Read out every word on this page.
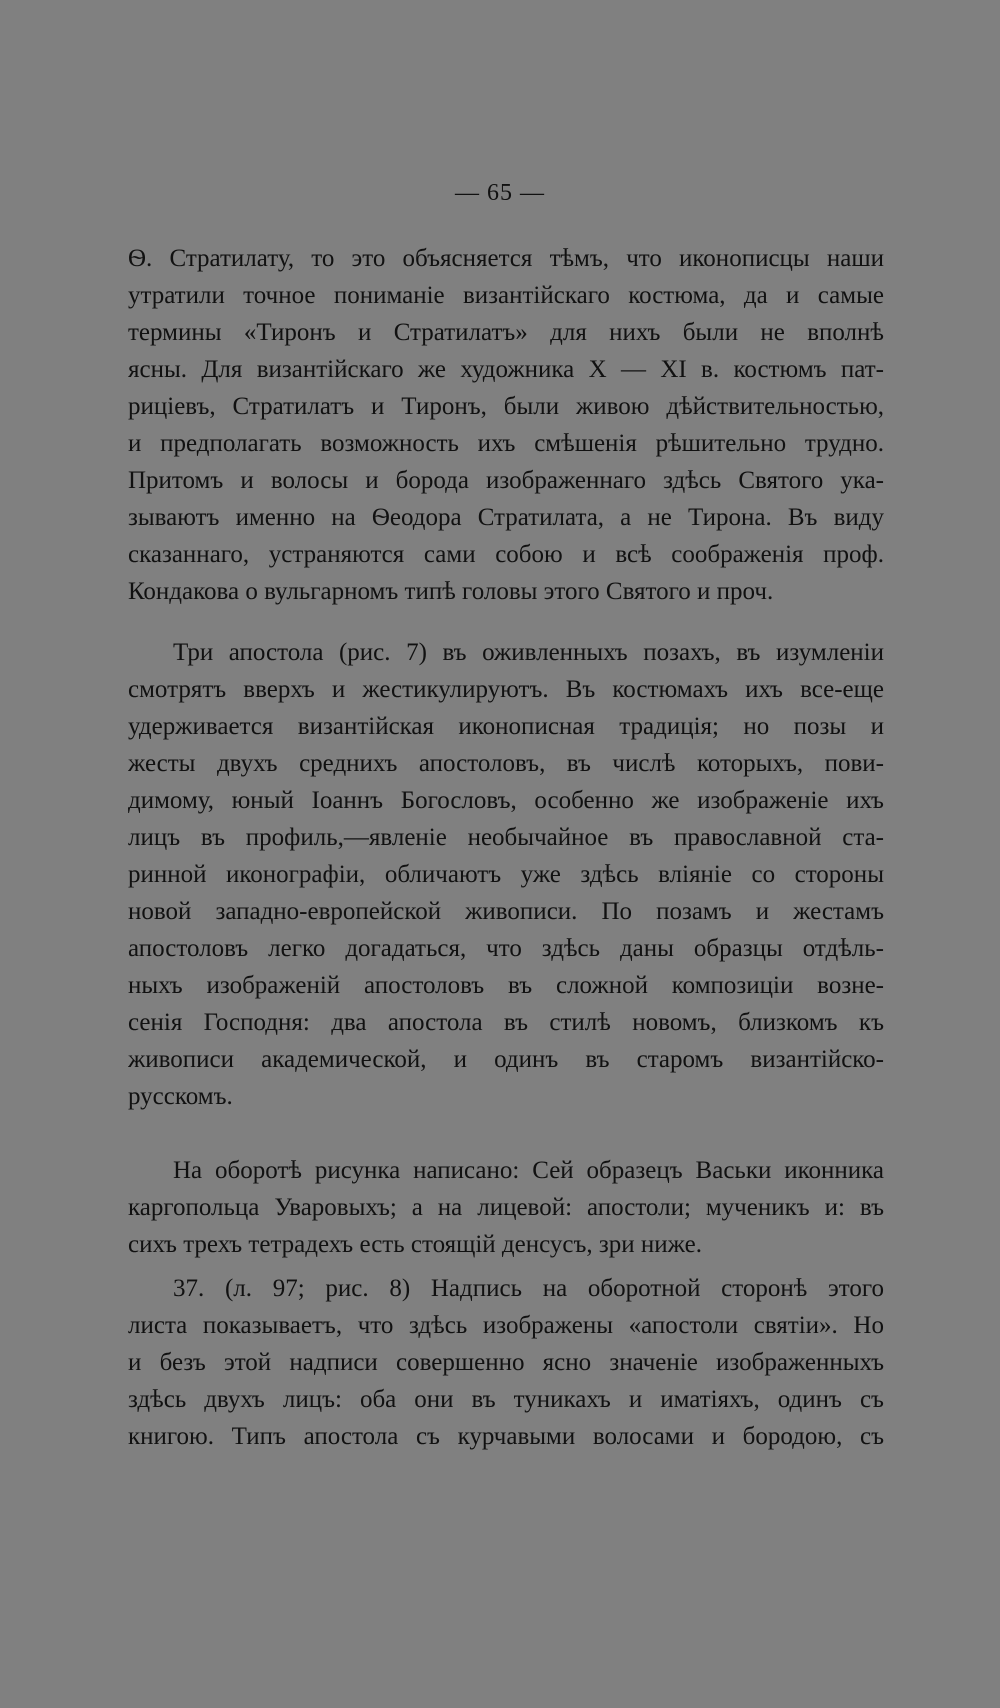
— 65 —
Ѳ. Стратилату, то это объясняется тѣмъ, что иконописцы наши
утратили точное пониманіе византійскаго костюма, да и самые
термины «Тиронъ и Стратилатъ» для нихъ были не вполнѣ
ясны. Для византійскаго же художника X — XI в. костюмъ пат-
риціевъ, Стратилатъ и Тиронъ, были живою дѣйствительностью,
и предполагать возможность ихъ смѣшенія рѣшительно трудно.
Притомъ и волосы и борода изображеннаго здѣсь Святого ука-
зываютъ именно на Ѳеодора Стратилата, а не Тирона. Въ виду
сказаннаго, устраняются сами собою и всѣ соображенія проф.
Кондакова о вульгарномъ типѣ головы этого Святого и проч.
Три апостола (рис. 7) въ оживленныхъ позахъ, въ изумленіи
смотрятъ вверхъ и жестикулируютъ. Въ костюмахъ ихъ все-еще
удерживается византійская иконописная традиція; но позы и
жесты двухъ среднихъ апостоловъ, въ числѣ которыхъ, пови-
димому, юный Іоаннъ Богословъ, особенно же изображеніе ихъ
лицъ въ профиль,—явленіе необычайное въ православной ста-
ринной иконографіи, обличаютъ уже здѣсь вліяніе со стороны
новой западно-европейской живописи. По позамъ и жестамъ
апостоловъ легко догадаться, что здѣсь даны образцы отдѣль-
ныхъ изображеній апостоловъ въ сложной композиціи возне-
сенія Господня: два апостола въ стилѣ новомъ, близкомъ къ
живописи академической, и одинъ въ старомъ византійско-
русскомъ.
На оборотѣ рисунка написано: Сей образецъ Васьки иконника
каргопольца Уваровыхъ; а на лицевой: апостоли; мученикъ и: въ
сихъ трехъ тетрадехъ есть стоящій денсусъ, зри ниже.
37. (л. 97; рис. 8) Надпись на оборотной сторонѣ этого
листа показываетъ, что здѣсь изображены «апостоли святіи». Но
и безъ этой надписи совершенно ясно значеніе изображенныхъ
здѣсь двухъ лицъ: оба они въ туникахъ и иматіяхъ, одинъ съ
книгою. Типъ апостола съ курчавыми волосами и бородою, съ
